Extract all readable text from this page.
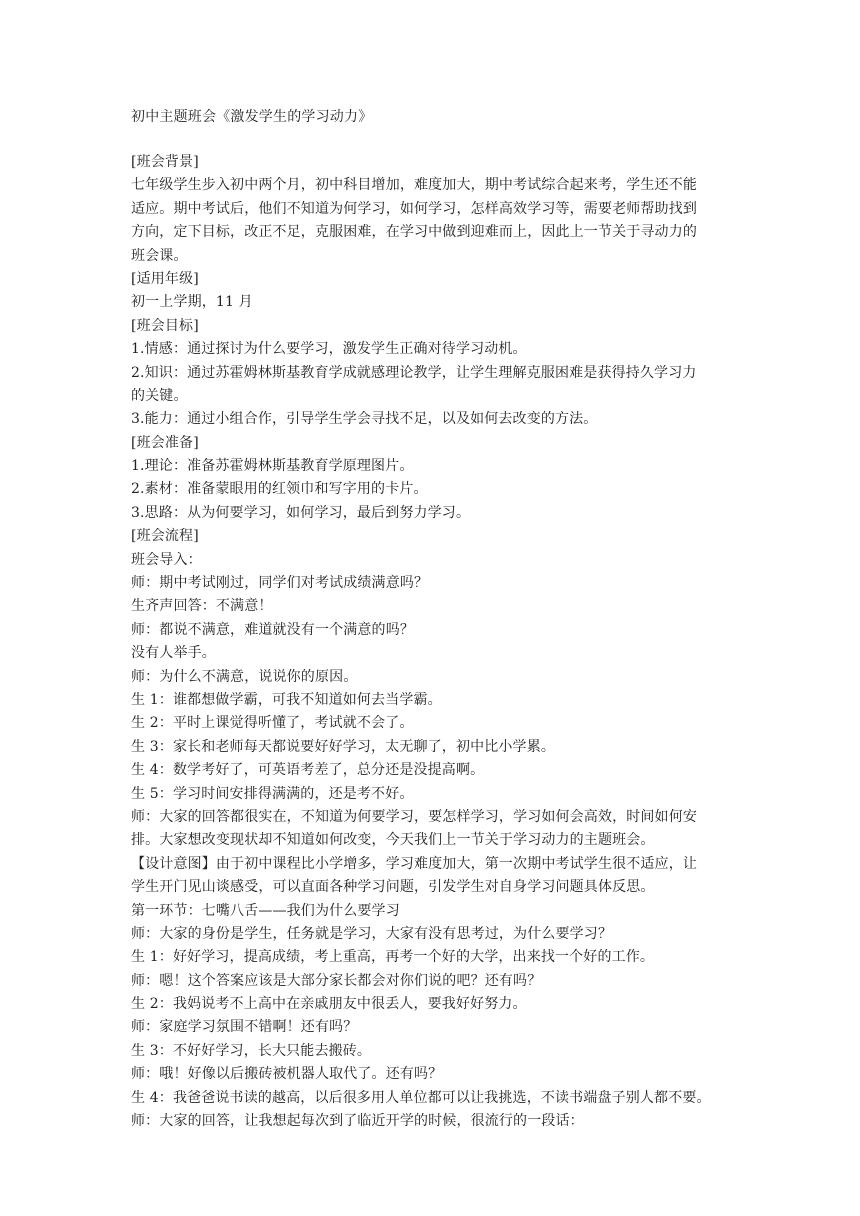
初中主题班会《激发学生的学习动力》
[班会背景]
七年级学生步入初中两个月，初中科目增加，难度加大，期中考试综合起来考，学生还不能
适应。期中考试后，他们不知道为何学习，如何学习，怎样高效学习等，需要老师帮助找到
方向，定下目标，改正不足，克服困难，在学习中做到迎难而上，因此上一节关于寻动力的
班会课。
[适用年级]
初一上学期，11 月
[班会目标]
1.情感：通过探讨为什么要学习，激发学生正确对待学习动机。
2.知识：通过苏霍姆林斯基教育学成就感理论教学，让学生理解克服困难是获得持久学习力
的关键。
3.能力：通过小组合作，引导学生学会寻找不足，以及如何去改变的方法。
[班会准备]
1.理论：准备苏霍姆林斯基教育学原理图片。
2.素材：准备蒙眼用的红领巾和写字用的卡片。
3.思路：从为何要学习，如何学习，最后到努力学习。
[班会流程]
班会导入：
师：期中考试刚过，同学们对考试成绩满意吗？
生齐声回答：不满意！
师：都说不满意，难道就没有一个满意的吗？
没有人举手。
师：为什么不满意，说说你的原因。
生 1：谁都想做学霸，可我不知道如何去当学霸。
生 2：平时上课觉得听懂了，考试就不会了。
生 3：家长和老师每天都说要好好学习，太无聊了，初中比小学累。
生 4：数学考好了，可英语考差了，总分还是没提高啊。
生 5：学习时间安排得满满的，还是考不好。
师：大家的回答都很实在，不知道为何要学习，要怎样学习，学习如何会高效，时间如何安
排。大家想改变现状却不知道如何改变，今天我们上一节关于学习动力的主题班会。
【设计意图】由于初中课程比小学增多，学习难度加大，第一次期中考试学生很不适应，让
学生开门见山谈感受，可以直面各种学习问题，引发学生对自身学习问题具体反思。
第一环节：七嘴八舌——我们为什么要学习
师：大家的身份是学生，任务就是学习，大家有没有思考过，为什么要学习？
生 1：好好学习，提高成绩，考上重高，再考一个好的大学，出来找一个好的工作。
师：嗯！这个答案应该是大部分家长都会对你们说的吧？还有吗？
生 2：我妈说考不上高中在亲戚朋友中很丢人，要我好好努力。
师：家庭学习氛围不错啊！还有吗？
生 3：不好好学习，长大只能去搬砖。
师：哦！好像以后搬砖被机器人取代了。还有吗？
生 4：我爸爸说书读的越高，以后很多用人单位都可以让我挑选，不读书端盘子别人都不要。
师：大家的回答，让我想起每次到了临近开学的时候，很流行的一段话：
